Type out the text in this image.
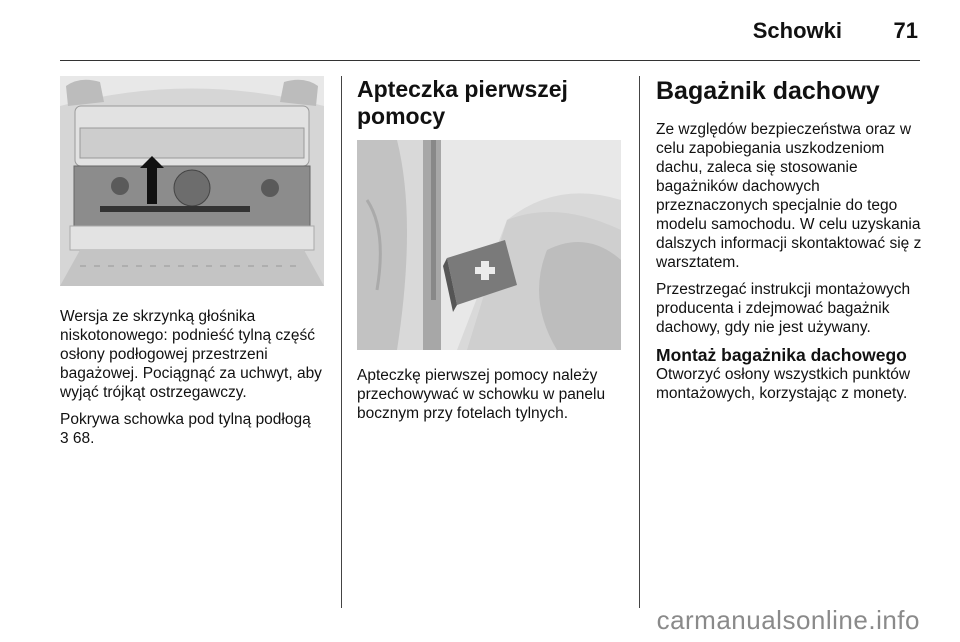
Schowki 71

Wersja ze skrzynką głośnika niskotonowego: podnieść tylną część osłony podłogowej przestrzeni bagażowej. Pociągnąć za uchwyt, aby wyjąć trójkąt ostrzegawczy.

Pokrywa schowka pod tylną podłogą
3 68.

Apteczka pierwszej pomocy

Apteczkę pierwszej pomocy należy przechowywać w schowku w panelu bocznym przy fotelach tylnych.

Bagażnik dachowy

Ze względów bezpieczeństwa oraz w celu zapobiegania uszkodzeniom dachu, zaleca się stosowanie bagażników dachowych przeznaczonych specjalnie do tego modelu samochodu. W celu uzyskania dalszych informacji skontaktować się z warsztatem.

Przestrzegać instrukcji montażowych producenta i zdejmować bagażnik dachowy, gdy nie jest używany.

Montaż bagażnika dachowego

Otworzyć osłony wszystkich punktów montażowych, korzystając z monety.

carmanualsonline.info
